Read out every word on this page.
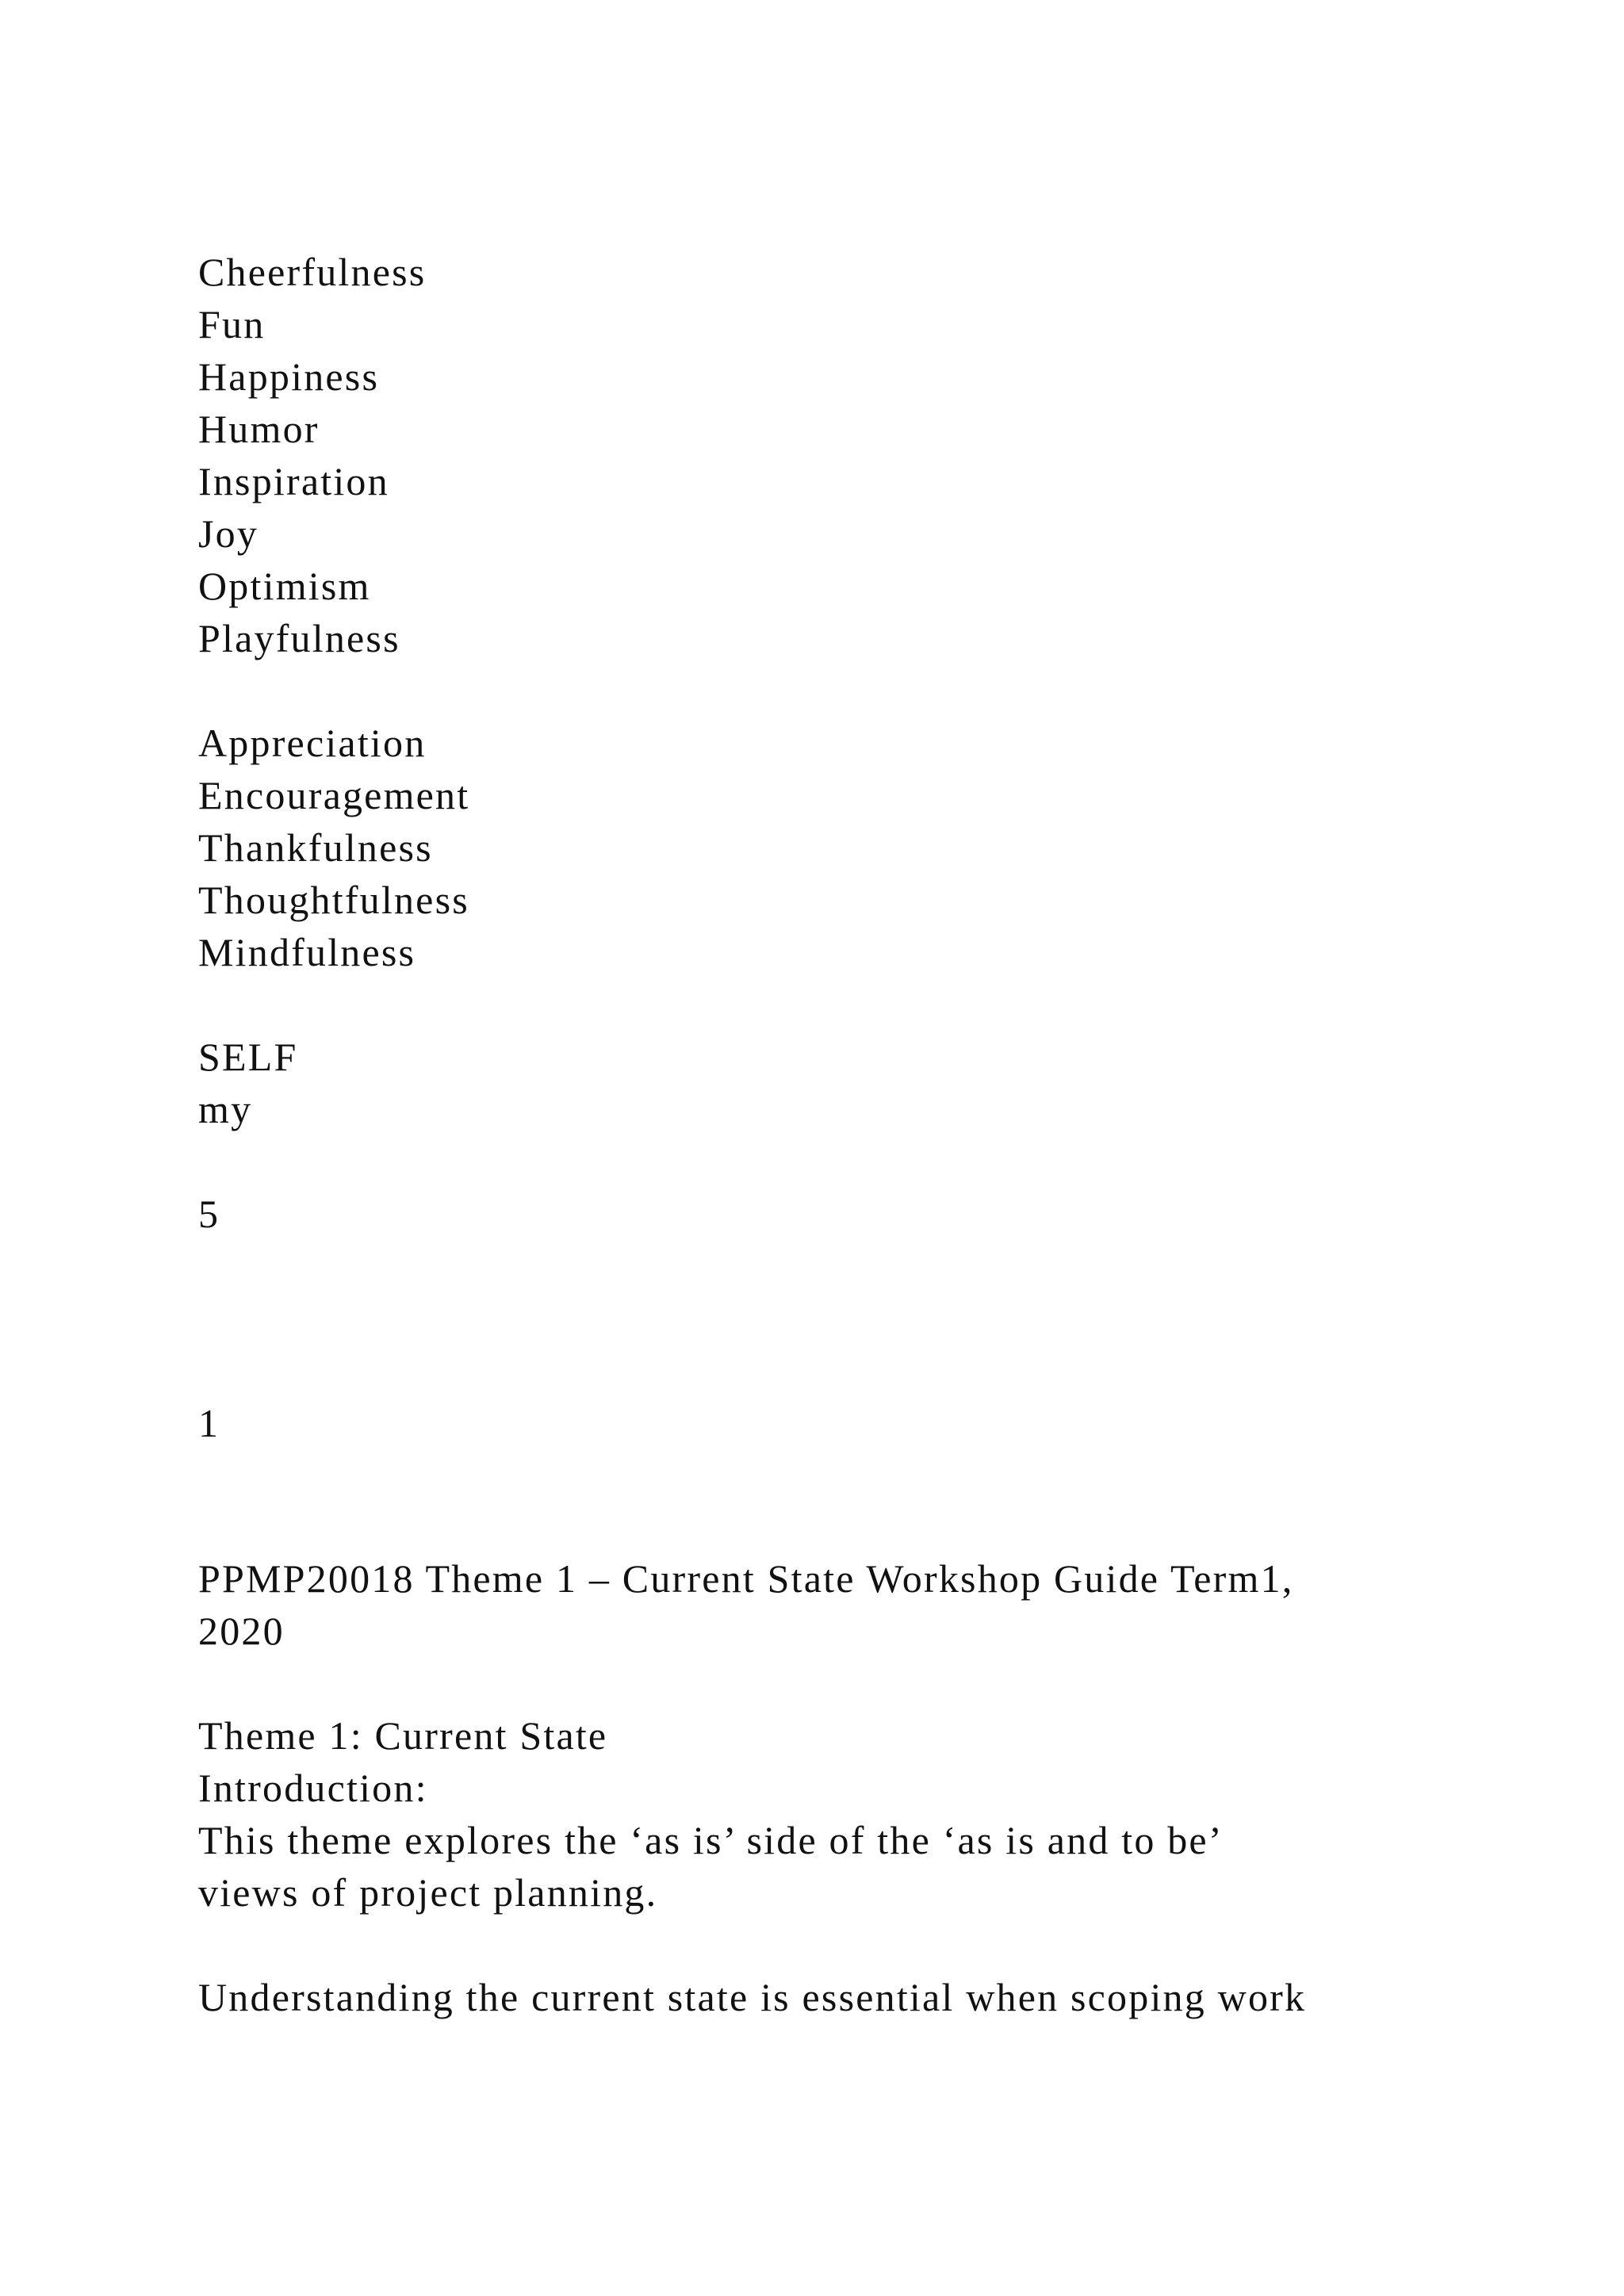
Cheerfulness
Fun
Happiness
Humor
Inspiration
Joy
Optimism
Playfulness
Appreciation
Encouragement
Thankfulness
Thoughtfulness
Mindfulness
SELF
my
5
1
PPMP20018 Theme 1 – Current State Workshop Guide Term1,
2020
Theme 1: Current State
Introduction:
This theme explores the ‘as is’ side of the ‘as is and to be’
views of project planning.
Understanding the current state is essential when scoping work
